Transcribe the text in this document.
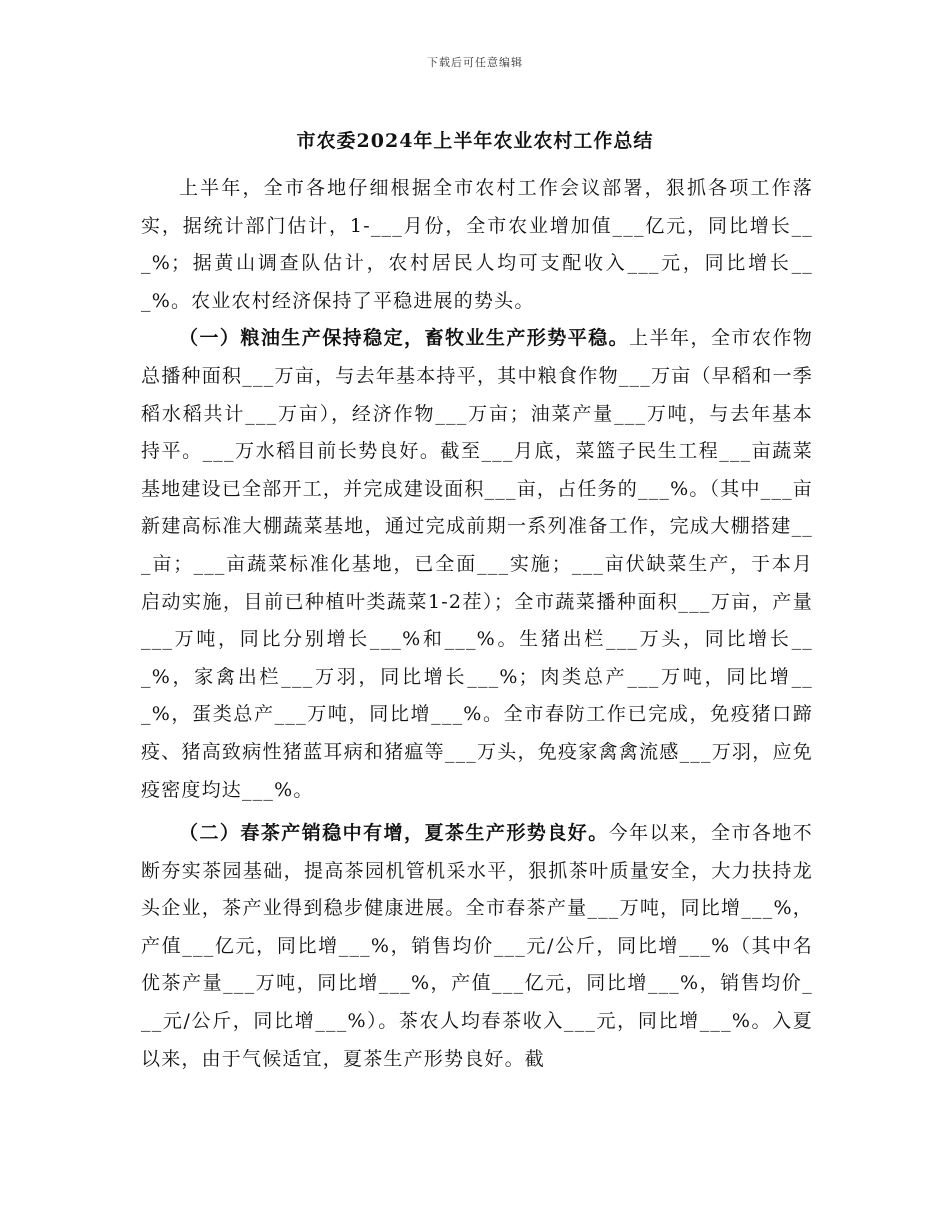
下载后可任意编辑
市农委2024年上半年农业农村工作总结

上半年，全市各地仔细根据全市农村工作会议部署，狠抓各项工作落实，据统计部门估计，1-___月份，全市农业增加值___亿元，同比增长___%；据黄山调查队估计，农村居民人均可支配收入___元，同比增长___%。农业农村经济保持了平稳进展的势头。

（一）粮油生产保持稳定，畜牧业生产形势平稳。上半年，全市农作物总播种面积___万亩，与去年基本持平，其中粮食作物___万亩（早稻和一季稻水稻共计___万亩），经济作物___万亩；油菜产量___万吨，与去年基本持平。___万水稻目前长势良好。截至___月底，菜篮子民生工程___亩蔬菜基地建设已全部开工，并完成建设面积___亩，占任务的___%。（其中___亩新建高标准大棚蔬菜基地，通过完成前期一系列准备工作，完成大棚搭建___亩；___亩蔬菜标准化基地，已全面___实施；___亩伏缺菜生产，于本月启动实施，目前已种植叶类蔬菜1-2茬）；全市蔬菜播种面积___万亩，产量___万吨，同比分别增长___%和___%。生猪出栏___万头，同比增长___%，家禽出栏___万羽，同比增长___%；肉类总产___万吨，同比增___%，蛋类总产___万吨，同比增___%。全市春防工作已完成，免疫猪口蹄疫、猪高致病性猪蓝耳病和猪瘟等___万头，免疫家禽禽流感___万羽，应免疫密度均达___%。

（二）春茶产销稳中有增，夏茶生产形势良好。今年以来，全市各地不断夯实茶园基础，提高茶园机管机采水平，狠抓茶叶质量安全，大力扶持龙头企业，茶产业得到稳步健康进展。全市春茶产量___万吨，同比增___%，产值___亿元，同比增___%，销售均价___元/公斤，同比增___%（其中名优茶产量___万吨，同比增___%，产值___亿元，同比增___%，销售均价___元/公斤，同比增___%）。茶农人均春茶收入___元，同比增___%。入夏以来，由于气候适宜，夏茶生产形势良好。截
